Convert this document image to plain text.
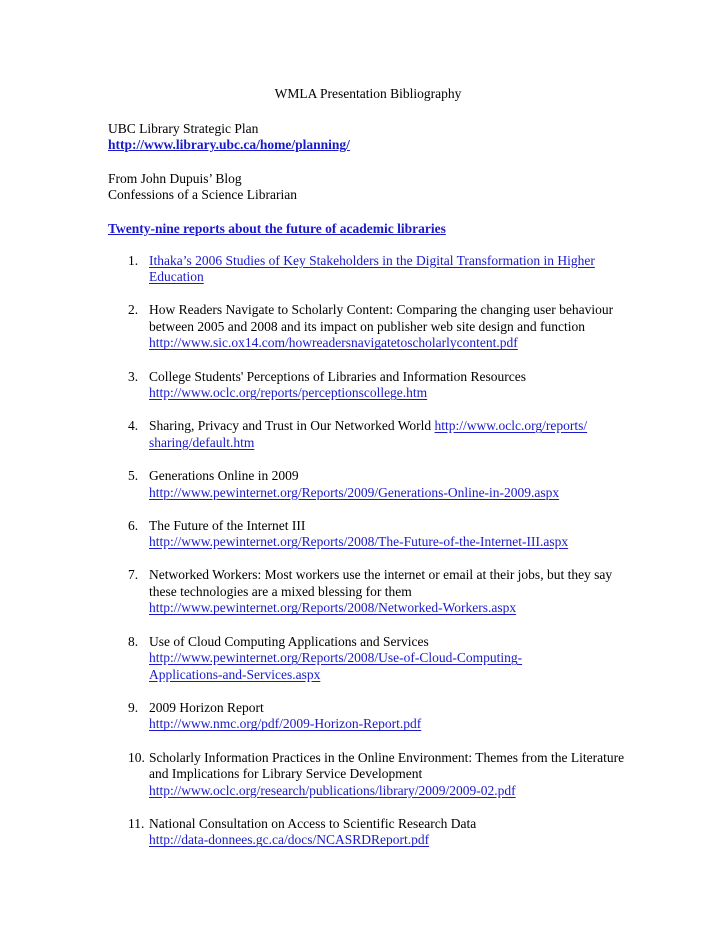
WMLA Presentation Bibliography
UBC Library Strategic Plan
http://www.library.ubc.ca/home/planning/
From John Dupuis’ Blog
Confessions of a Science Librarian
Twenty-nine reports about the future of academic libraries
1. Ithaka’s 2006 Studies of Key Stakeholders in the Digital Transformation in Higher Education
2. How Readers Navigate to Scholarly Content: Comparing the changing user behaviour between 2005 and 2008 and its impact on publisher web site design and function
http://www.sic.ox14.com/howreadersnavigatetoscholarlycontent.pdf
3. College Students' Perceptions of Libraries and Information Resources
http://www.oclc.org/reports/perceptionscollege.htm
4. Sharing, Privacy and Trust in Our Networked World http://www.oclc.org/reports/
sharing/default.htm
5. Generations Online in 2009
http://www.pewinternet.org/Reports/2009/Generations-Online-in-2009.aspx
6. The Future of the Internet III
http://www.pewinternet.org/Reports/2008/The-Future-of-the-Internet-III.aspx
7. Networked Workers: Most workers use the internet or email at their jobs, but they say these technologies are a mixed blessing for them
http://www.pewinternet.org/Reports/2008/Networked-Workers.aspx
8. Use of Cloud Computing Applications and Services
http://www.pewinternet.org/Reports/2008/Use-of-Cloud-Computing-
Applications-and-Services.aspx
9. 2009 Horizon Report
http://www.nmc.org/pdf/2009-Horizon-Report.pdf
10. Scholarly Information Practices in the Online Environment: Themes from the Literature and Implications for Library Service Development
http://www.oclc.org/research/publications/library/2009/2009-02.pdf
11. National Consultation on Access to Scientific Research Data
http://data-donnees.gc.ca/docs/NCASRDReport.pdf
